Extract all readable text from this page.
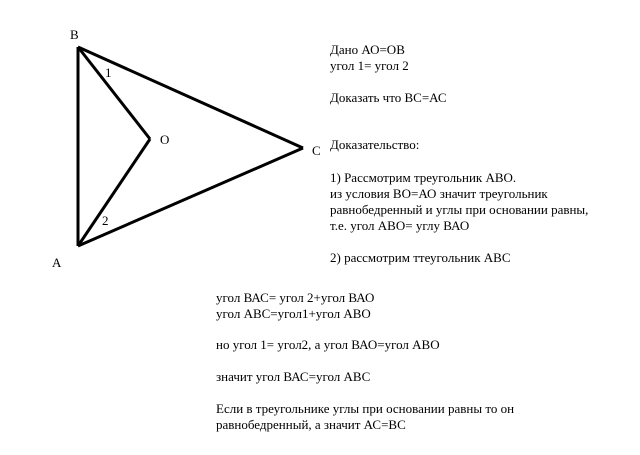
B
A
C
O
1
2
Дано АО=ОВ
угол 1= угол 2
Доказать что ВС=АС
Доказательство:
1) Рассмотрим треугольник АВО.
из условия ВО=АО значит треугольник
равнобедренный и углы при основании равны,
т.е. угол АВО= углу ВАО
2) рассмотрим ттеугольник АВС
угол ВАС= угол 2+угол ВАО
угол АВС=угол1+угол АВО
но угол 1= угол2, а угол ВАО=угол АВО
значит угол ВАС=угол АВС
Если в треугольнике углы при основании равны то он
равнобедренный, а значит АС=ВС
